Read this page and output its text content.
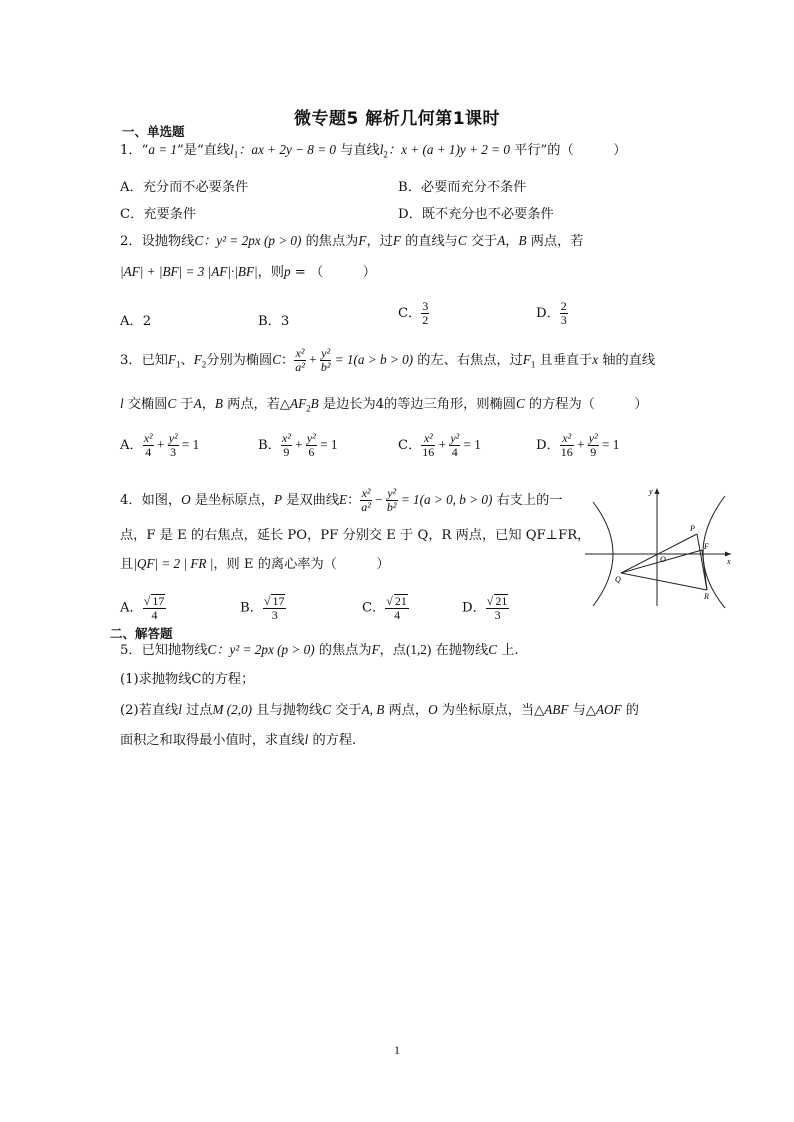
微专题5 解析几何第1课时
一、单选题
1．“a = 1”是“直线$l_1$：ax + 2y − 8 = 0 与直线$l_2$：x + (a + 1)y + 2 = 0 平行”的（　　　）
A．充分而不必要条件	B．必要而充分不条件
C．充要条件	D．既不充分也不必要条件
2．设抛物线C：y² = 2px (p > 0) 的焦点为F，过F 的直线与C 交于A，B 两点，若
|AF| + |BF| = 3 |AF|·|BF|，则p = （　　　）
A．2	B．3
C． $\frac{3}{2}$	D． $\frac{2}{3}$
3．已知$F_1$、$F_2$分别为椭圆C： $\frac{\text{x²}}{\text{a²}} + \frac{\text{y²}}{\text{b²}} = 1(a > b > 0)$ 的左、右焦点，过$F_1$ 且垂直于x 轴的直线
l 交椭圆C 于A，B 两点，若$\triangle AF_2B$ 是边长为4的等边三角形，则椭圆C 的方程为（　　　）
A． $\frac{\text{x²}}{4} + \frac{\text{y²}}{3} = 1$	B． $\frac{\text{x²}}{9} + \frac{\text{y²}}{6} = 1$	C． $\frac{\text{x²}}{16} + \frac{\text{y²}}{4} = 1$	D． $\frac{\text{x²}}{16} + \frac{\text{y²}}{9} = 1$
4．如图，O 是坐标原点，P 是双曲线E： $\frac{\text{x²}}{\text{a²}} - \frac{\text{y²}}{\text{b²}} = 1(a > 0$, b > 0) 右支上的一
点，F 是 E 的右焦点，延长 PO，PF 分别交 E 于 Q，R 两点，已知 QF⊥FR，
且|QF| = 2 | FR |，则 E 的离心率为（　　　）
A． $\frac{√ 17}{4}$	B． $\frac{√ 17}{3}$	C． $\frac{√ 21}{4}$	D． $\frac{√ 21}{3}$
y
x
P
O
F
Q
R
二、解答题
5．已知抛物线C：y² = 2px (p > 0) 的焦点为F，点(1,2) 在抛物线C 上.
(1)求抛物线C的方程；
(2)若直线l 过点M (2,0) 且与抛物线C 交于A, B 两点，O 为坐标原点，当△ABF 与△AOF 的
面积之和取得最小值时，求直线l 的方程.
1
